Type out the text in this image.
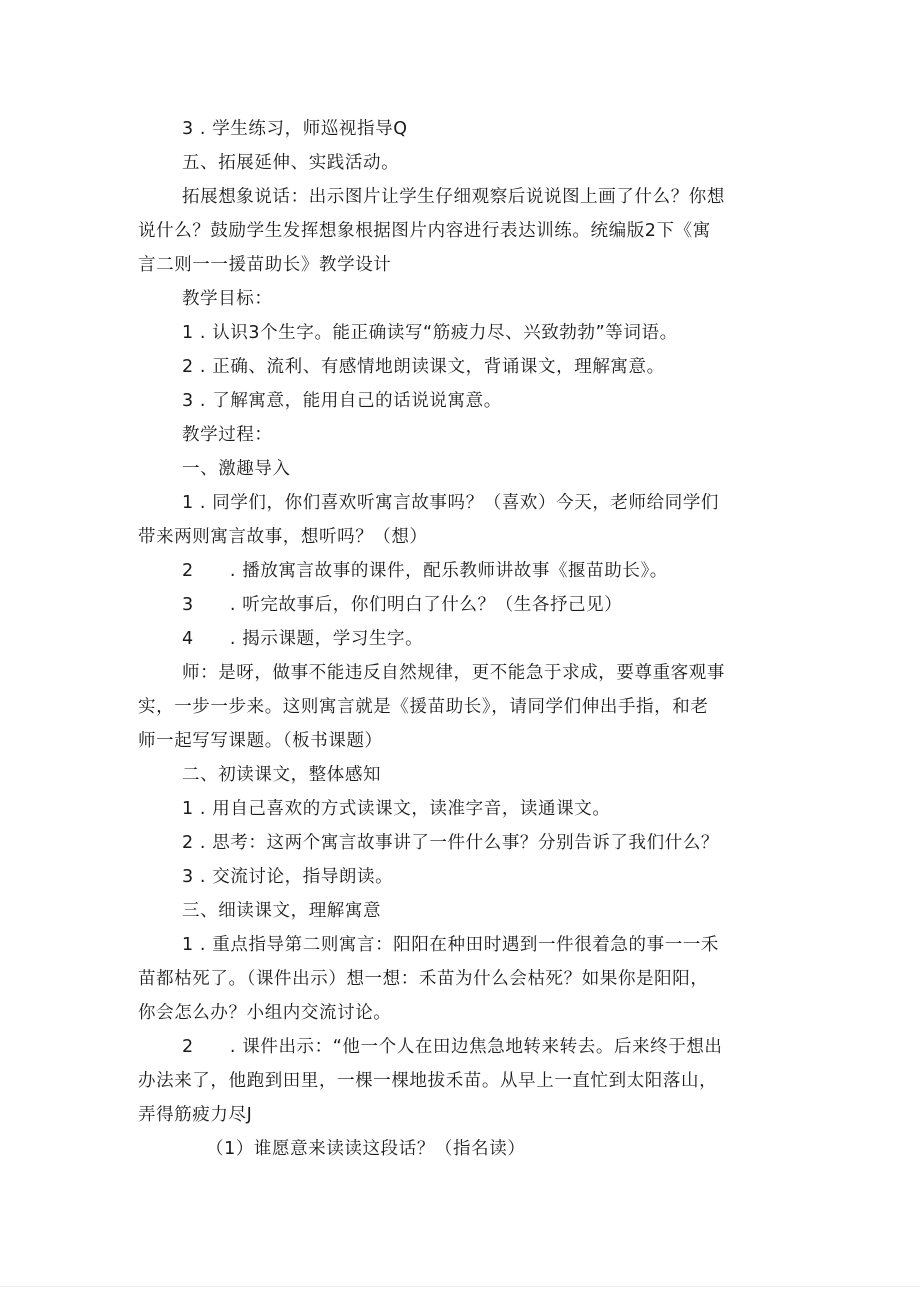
3 . 学生练习，师巡视指导Q
五、拓展延伸、实践活动。
拓展想象说话：出示图片让学生仔细观察后说说图上画了什么？你想
说什么？鼓励学生发挥想象根据图片内容进行表达训练。统编版2下《寓
言二则一一援苗助长》教学设计
教学目标：
1 . 认识3个生字。能正确读写“筋疲力尽、兴致勃勃”等词语。
2 . 正确、流利、有感情地朗读课文，背诵课文，理解寓意。
3 . 了解寓意，能用自己的话说说寓意。
教学过程：
一、激趣导入
1 . 同学们，你们喜欢听寓言故事吗？（喜欢）今天，老师给同学们
带来两则寓言故事，想听吗？（想）
2　　. 播放寓言故事的课件，配乐教师讲故事《揠苗助长》。
3　　. 听完故事后，你们明白了什么？（生各抒己见）
4　　. 揭示课题，学习生字。
师：是呀，做事不能违反自然规律，更不能急于求成，要尊重客观事
实，一步一步来。这则寓言就是《援苗助长》，请同学们伸出手指，和老
师一起写写课题。（板书课题）
二、初读课文，整体感知
1 . 用自己喜欢的方式读课文，读准字音，读通课文。
2 . 思考：这两个寓言故事讲了一件什么事？分别告诉了我们什么？
3 . 交流讨论，指导朗读。
三、细读课文，理解寓意
1 . 重点指导第二则寓言：阳阳在种田时遇到一件很着急的事一一禾
苗都枯死了。（课件出示）想一想：禾苗为什么会枯死？如果你是阳阳，
你会怎么办？小组内交流讨论。
2　　. 课件出示：“他一个人在田边焦急地转来转去。后来终于想出
办法来了，他跑到田里，一棵一棵地拔禾苗。从早上一直忙到太阳落山，
弄得筋疲力尽J
（1）谁愿意来读读这段话？（指名读）
